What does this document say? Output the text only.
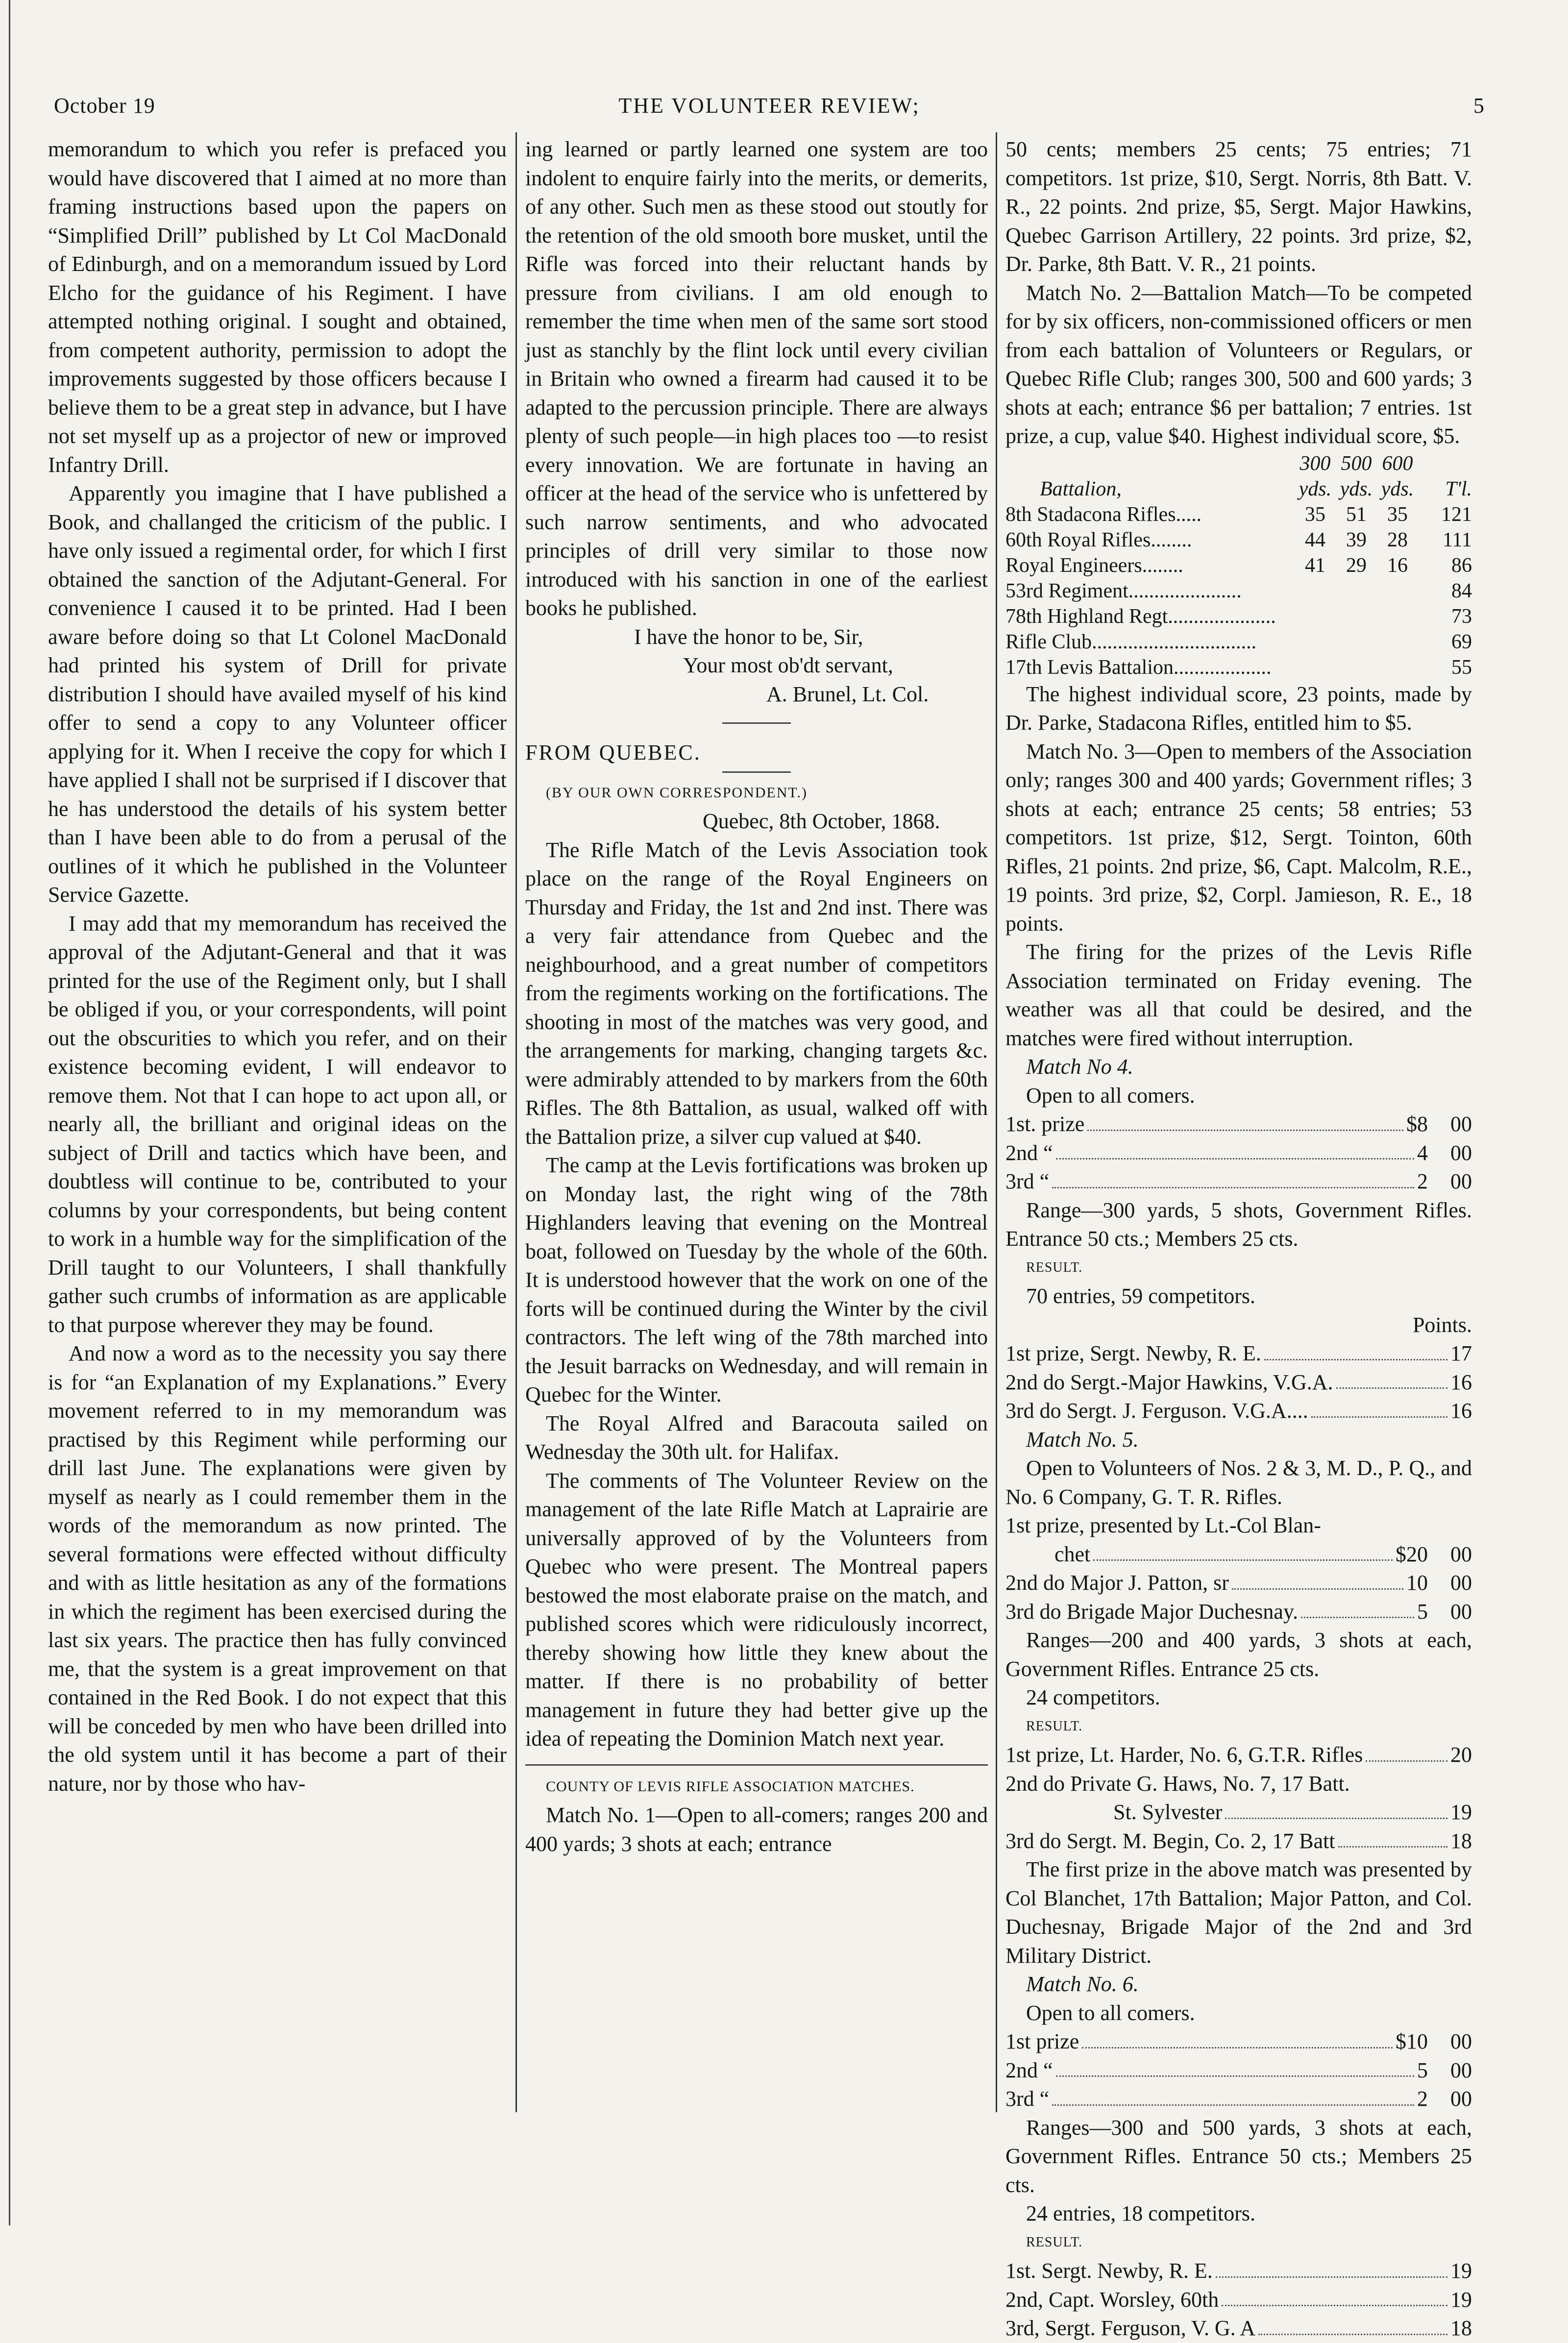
October 19	THE VOLUNTEER REVIEW;	5

memorandum to which you refer is prefaced you would have discovered that I aimed at no more than framing instructions based upon the papers on “Simplified Drill” published by Lt Col MacDonald of Edinburgh, and on a memorandum issued by Lord Elcho for the guidance of his Regiment. I have attempted nothing original. I sought and obtained, from competent authority, permission to adopt the improvements suggested by those officers because I believe them to be a great step in advance, but I have not set myself up as a projector of new or improved Infantry Drill.

Apparently you imagine that I have published a Book, and challanged the criticism of the public. I have only issued a regimental order, for which I first obtained the sanction of the Adjutant-General. For convenience I caused it to be printed. Had I been aware before doing so that Lt Colonel MacDonald had printed his system of Drill for private distribution I should have availed myself of his kind offer to send a copy to any Volunteer officer applying for it. When I receive the copy for which I have applied I shall not be surprised if I discover that he has understood the details of his system better than I have been able to do from a perusal of the outlines of it which he published in the Volunteer Service Gazette.

I may add that my memorandum has received the approval of the Adjutant-General and that it was printed for the use of the Regiment only, but I shall be obliged if you, or your correspondents, will point out the obscurities to which you refer, and on their existence becoming evident, I will endeavor to remove them. Not that I can hope to act upon all, or nearly all, the brilliant and original ideas on the subject of Drill and tactics which have been, and doubtless will continue to be, contributed to your columns by your correspondents, but being content to work in a humble way for the simplification of the Drill taught to our Volunteers, I shall thankfully gather such crumbs of information as are applicable to that purpose wherever they may be found.

And now a word as to the necessity you say there is for “an Explanation of my Explanations.” Every movement referred to in my memorandum was practised by this Regiment while performing our drill last June. The explanations were given by myself as nearly as I could remember them in the words of the memorandum as now printed. The several formations were effected without difficulty and with as little hesitation as any of the formations in which the regiment has been exercised during the last six years. The practice then has fully convinced me, that the system is a great improvement on that contained in the Red Book. I do not expect that this will be conceded by men who have been drilled into the old system until it has become a part of their nature, nor by those who hav-

ing learned or partly learned one system are too indolent to enquire fairly into the merits, or demerits, of any other. Such men as these stood out stoutly for the retention of the old smooth bore musket, until the Rifle was forced into their reluctant hands by pressure from civilians. I am old enough to remember the time when men of the same sort stood just as stanchly by the flint lock until every civilian in Britain who owned a firearm had caused it to be adapted to the percussion principle. There are always plenty of such people—in high places too —to resist every innovation. We are fortunate in having an officer at the head of the service who is unfettered by such narrow sentiments, and who advocated principles of drill very similar to those now introduced with his sanction in one of the earliest books he published.

I have the honor to be, Sir,

Your most ob'dt servant,

A. Brunel, Lt. Col.

FROM QUEBEC.

(BY OUR OWN CORRESPONDENT.)

Quebec, 8th October, 1868.

The Rifle Match of the Levis Association took place on the range of the Royal Engineers on Thursday and Friday, the 1st and 2nd inst. There was a very fair attendance from Quebec and the neighbourhood, and a great number of competitors from the regiments working on the fortifications. The shooting in most of the matches was very good, and the arrangements for marking, changing targets &c. were admirably attended to by markers from the 60th Rifles. The 8th Battalion, as usual, walked off with the Battalion prize, a silver cup valued at $40.

The camp at the Levis fortifications was broken up on Monday last, the right wing of the 78th Highlanders leaving that evening on the Montreal boat, followed on Tuesday by the whole of the 60th. It is understood however that the work on one of the forts will be continued during the Winter by the civil contractors. The left wing of the 78th marched into the Jesuit barracks on Wednesday, and will remain in Quebec for the Winter.

The Royal Alfred and Baracouta sailed on Wednesday the 30th ult. for Halifax.

The comments of The Volunteer Review on the management of the late Rifle Match at Laprairie are universally approved of by the Volunteers from Quebec who were present. The Montreal papers bestowed the most elaborate praise on the match, and published scores which were ridiculously incorrect, thereby showing how little they knew about the matter. If there is no probability of better management in future they had better give up the idea of repeating the Dominion Match next year.

COUNTY OF LEVIS RIFLE ASSOCIATION MATCHES.

Match No. 1—Open to all-comers; ranges 200 and 400 yards; 3 shots at each; entrance

50 cents; members 25 cents; 75 entries; 71 competitors. 1st prize, $10, Sergt. Norris, 8th Batt. V. R., 22 points. 2nd prize, $5, Sergt. Major Hawkins, Quebec Garrison Artillery, 22 points. 3rd prize, $2, Dr. Parke, 8th Batt. V. R., 21 points.

Match No. 2—Battalion Match—To be competed for by six officers, non-commissioned officers or men from each battalion of Volunteers or Regulars, or Quebec Rifle Club; ranges 300, 500 and 600 yards; 3 shots at each; entrance $6 per battalion; 7 entries. 1st prize, a cup, value $40. Highest individual score, $5.

Battalion,	300 yds.	500 yds.	600 yds.	T'l.
8th Stadacona Rifles.....	35	51	35	121
60th Royal Rifles........	44	39	28	111
Royal Engineers........	41	29	16	86
53rd Regiment......................				84
78th Highland Regt.....................				73
Rifle Club................................				69
17th Levis Battalion...................				55

The highest individual score, 23 points, made by Dr. Parke, Stadacona Rifles, entitled him to $5.

Match No. 3—Open to members of the Association only; ranges 300 and 400 yards; Government rifles; 3 shots at each; entrance 25 cents; 58 entries; 53 competitors. 1st prize, $12, Sergt. Tointon, 60th Rifles, 21 points. 2nd prize, $6, Capt. Malcolm, R.E., 19 points. 3rd prize, $2, Corpl. Jamieson, R. E., 18 points.

The firing for the prizes of the Levis Rifle Association terminated on Friday evening. The weather was all that could be desired, and the matches were fired without interruption.

Match No 4.

Open to all comers.

1st. prize	$8	00
2nd “	4	00
3rd “	2	00

Range—300 yards, 5 shots, Government Rifles. Entrance 50 cts.; Members 25 cts.

RESULT.

70 entries, 59 competitors.

Points.

1st prize, Sergt. Newby, R. E.	17
2nd do Sergt.-Major Hawkins, V.G.A.	16
3rd do Sergt. J. Ferguson. V.G.A....	16

Match No. 5.

Open to Volunteers of Nos. 2 & 3, M. D., P. Q., and No. 6 Company, G. T. R. Rifles.

1st prize, presented by Lt.-Col Blan-

chet	$20	00
2nd do Major J. Patton, sr	10	00
3rd do Brigade Major Duchesnay.	5	00

Ranges—200 and 400 yards, 3 shots at each, Government Rifles. Entrance 25 cts.

24 competitors.

RESULT.

1st prize, Lt. Harder, No. 6, G.T.R. Rifles	20

2nd do Private G. Haws, No. 7, 17 Batt.

St. Sylvester	19
3rd do Sergt. M. Begin, Co. 2, 17 Batt	18

The first prize in the above match was presented by Col Blanchet, 17th Battalion; Major Patton, and Col. Duchesnay, Brigade Major of the 2nd and 3rd Military District.

Match No. 6.

Open to all comers.

1st prize	$10	00
2nd “	5	00
3rd “	2	00

Ranges—300 and 500 yards, 3 shots at each, Government Rifles. Entrance 50 cts.; Members 25 cts.

24 entries, 18 competitors.

RESULT.

1st. Sergt. Newby, R. E.	19
2nd, Capt. Worsley, 60th	19
3rd, Sergt. Ferguson, V. G. A	18
